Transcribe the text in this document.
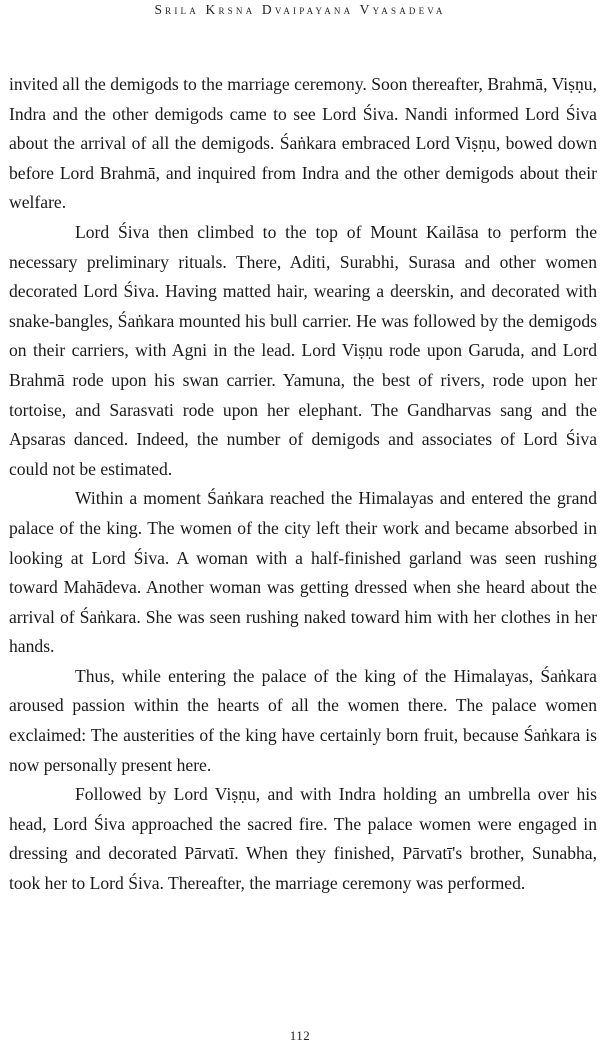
Srila Krsna Dvaipayana Vyasadeva

invited all the demigods to the marriage ceremony. Soon thereafter, Brahmā, Viṣṇu, Indra and the other demigods came to see Lord Śiva. Nandi informed Lord Śiva about the arrival of all the demigods. Śaṅkara embraced Lord Viṣṇu, bowed down before Lord Brahmā, and inquired from Indra and the other demigods about their welfare.

Lord Śiva then climbed to the top of Mount Kailāsa to perform the necessary preliminary rituals. There, Aditi, Surabhi, Surasa and other women decorated Lord Śiva. Having matted hair, wearing a deerskin, and decorated with snake-bangles, Śaṅkara mounted his bull carrier. He was followed by the demigods on their carriers, with Agni in the lead. Lord Viṣṇu rode upon Garuda, and Lord Brahmā rode upon his swan carrier. Yamuna, the best of rivers, rode upon her tortoise, and Sarasvati rode upon her elephant. The Gandharvas sang and the Apsaras danced. Indeed, the number of demigods and associates of Lord Śiva could not be estimated.

Within a moment Śaṅkara reached the Himalayas and entered the grand palace of the king. The women of the city left their work and became absorbed in looking at Lord Śiva. A woman with a half-finished garland was seen rushing toward Mahādeva. Another woman was getting dressed when she heard about the arrival of Śaṅkara. She was seen rushing naked toward him with her clothes in her hands.

Thus, while entering the palace of the king of the Himalayas, Śaṅkara aroused passion within the hearts of all the women there. The palace women exclaimed: The austerities of the king have certainly born fruit, because Śaṅkara is now personally present here.

Followed by Lord Viṣṇu, and with Indra holding an umbrella over his head, Lord Śiva approached the sacred fire. The palace women were engaged in dressing and decorated Pārvatī. When they finished, Pārvatī's brother, Sunabha, took her to Lord Śiva. Thereafter, the marriage ceremony was performed.

112
